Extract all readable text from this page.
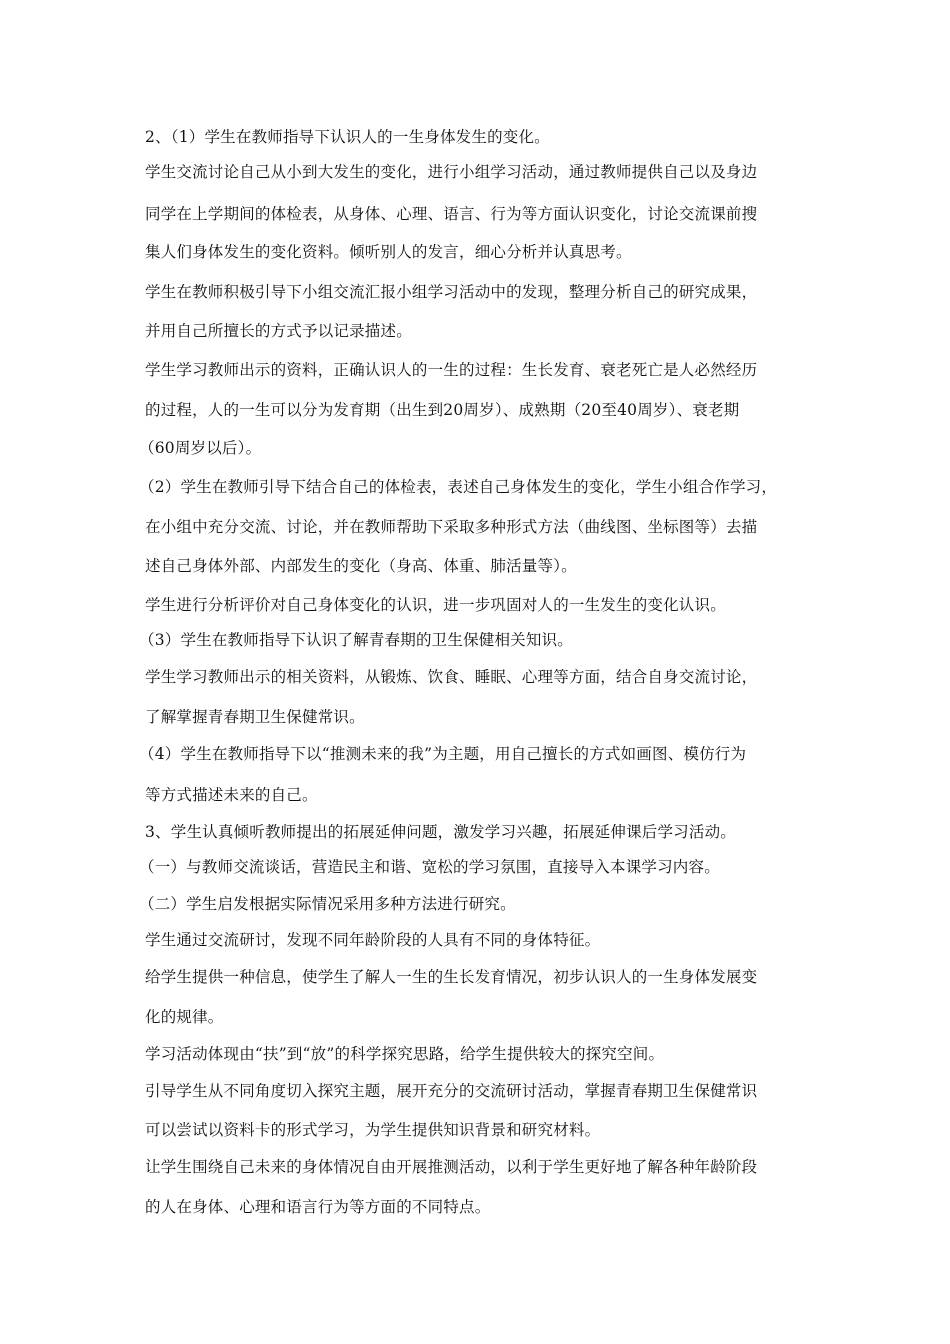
2、（1）学生在教师指导下认识人的一生身体发生的变化。
学生交流讨论自己从小到大发生的变化，进行小组学习活动，通过教师提供自己以及身边
同学在上学期间的体检表，从身体、心理、语言、行为等方面认识变化，讨论交流课前搜
集人们身体发生的变化资料。倾听别人的发言，细心分析并认真思考。
学生在教师积极引导下小组交流汇报小组学习活动中的发现，整理分析自己的研究成果，
并用自己所擅长的方式予以记录描述。
学生学习教师出示的资料，正确认识人的一生的过程：生长发育、衰老死亡是人必然经历
的过程，人的一生可以分为发育期（出生到20周岁）、成熟期（20至40周岁）、衰老期
（60周岁以后）。
（2）学生在教师引导下结合自己的体检表，表述自己身体发生的变化，学生小组合作学习，
在小组中充分交流、讨论，并在教师帮助下采取多种形式方法（曲线图、坐标图等）去描
述自己身体外部、内部发生的变化（身高、体重、肺活量等）。
学生进行分析评价对自己身体变化的认识，进一步巩固对人的一生发生的变化认识。
（3）学生在教师指导下认识了解青春期的卫生保健相关知识。
学生学习教师出示的相关资料，从锻炼、饮食、睡眠、心理等方面，结合自身交流讨论，
了解掌握青春期卫生保健常识。
（4）学生在教师指导下以“推测未来的我”为主题，用自己擅长的方式如画图、模仿行为
等方式描述未来的自己。
3、学生认真倾听教师提出的拓展延伸问题，激发学习兴趣，拓展延伸课后学习活动。
（一）与教师交流谈话，营造民主和谐、宽松的学习氛围，直接导入本课学习内容。
（二）学生启发根据实际情况采用多种方法进行研究。
学生通过交流研讨，发现不同年龄阶段的人具有不同的身体特征。
给学生提供一种信息，使学生了解人一生的生长发育情况，初步认识人的一生身体发展变
化的规律。
学习活动体现由“扶”到“放”的科学探究思路，给学生提供较大的探究空间。
引导学生从不同角度切入探究主题，展开充分的交流研讨活动，掌握青春期卫生保健常识
可以尝试以资料卡的形式学习，为学生提供知识背景和研究材料。
让学生围绕自己未来的身体情况自由开展推测活动，以利于学生更好地了解各种年龄阶段
的人在身体、心理和语言行为等方面的不同特点。
